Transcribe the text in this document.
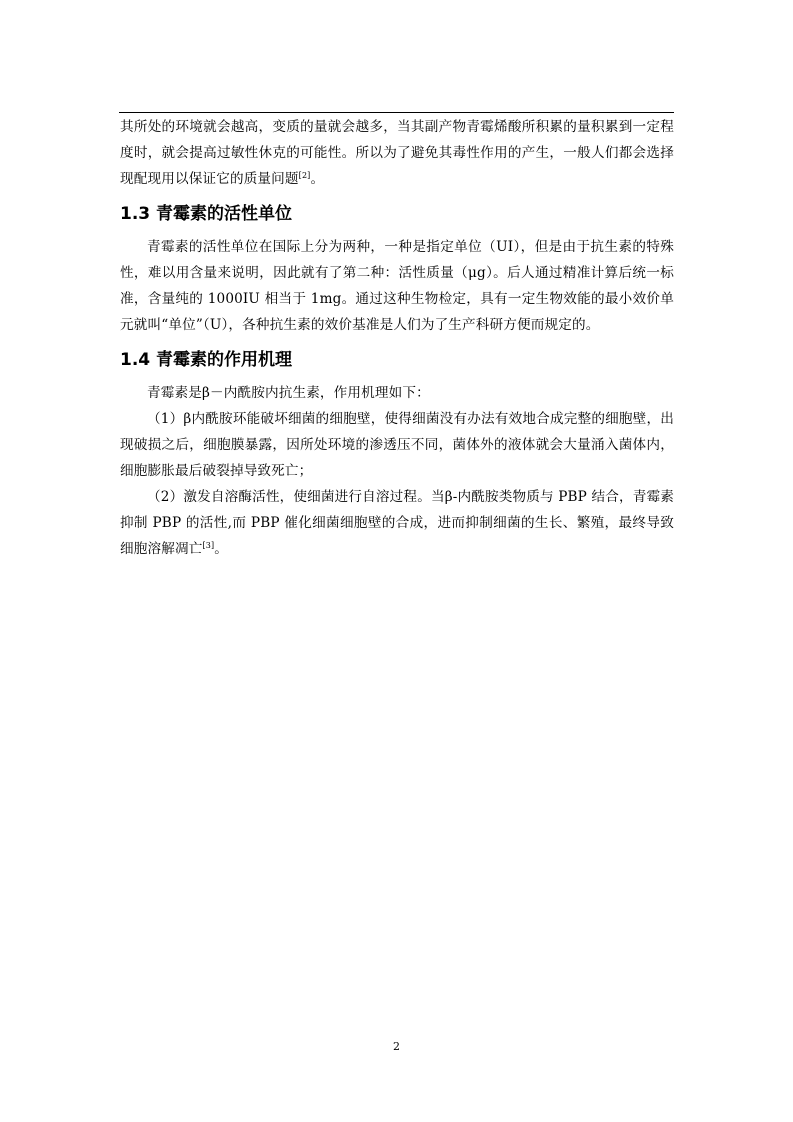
其所处的环境就会越高，变质的量就会越多，当其副产物青霉烯酸所积累的量积累到一定程度时，就会提高过敏性休克的可能性。所以为了避免其毒性作用的产生，一般人们都会选择现配现用以保证它的质量问题[2]。

1.3 青霉素的活性单位

青霉素的活性单位在国际上分为两种，一种是指定单位（UI），但是由于抗生素的特殊性，难以用含量来说明，因此就有了第二种：活性质量（μg）。后人通过精准计算后统一标准，含量纯的 1000IU 相当于 1mg。通过这种生物检定，具有一定生物效能的最小效价单元就叫“单位”（U），各种抗生素的效价基准是人们为了生产科研方便而规定的。

1.4 青霉素的作用机理

青霉素是β－内酰胺内抗生素，作用机理如下：

（1）β内酰胺环能破坏细菌的细胞壁，使得细菌没有办法有效地合成完整的细胞壁，出现破损之后，细胞膜暴露，因所处环境的渗透压不同，菌体外的液体就会大量涌入菌体内，细胞膨胀最后破裂掉导致死亡；

（2）激发自溶酶活性，使细菌进行自溶过程。当β-内酰胺类物质与 PBP 结合，青霉素抑制 PBP 的活性,而 PBP 催化细菌细胞壁的合成，进而抑制细菌的生长、繁殖，最终导致细胞溶解凋亡[3]。

2
